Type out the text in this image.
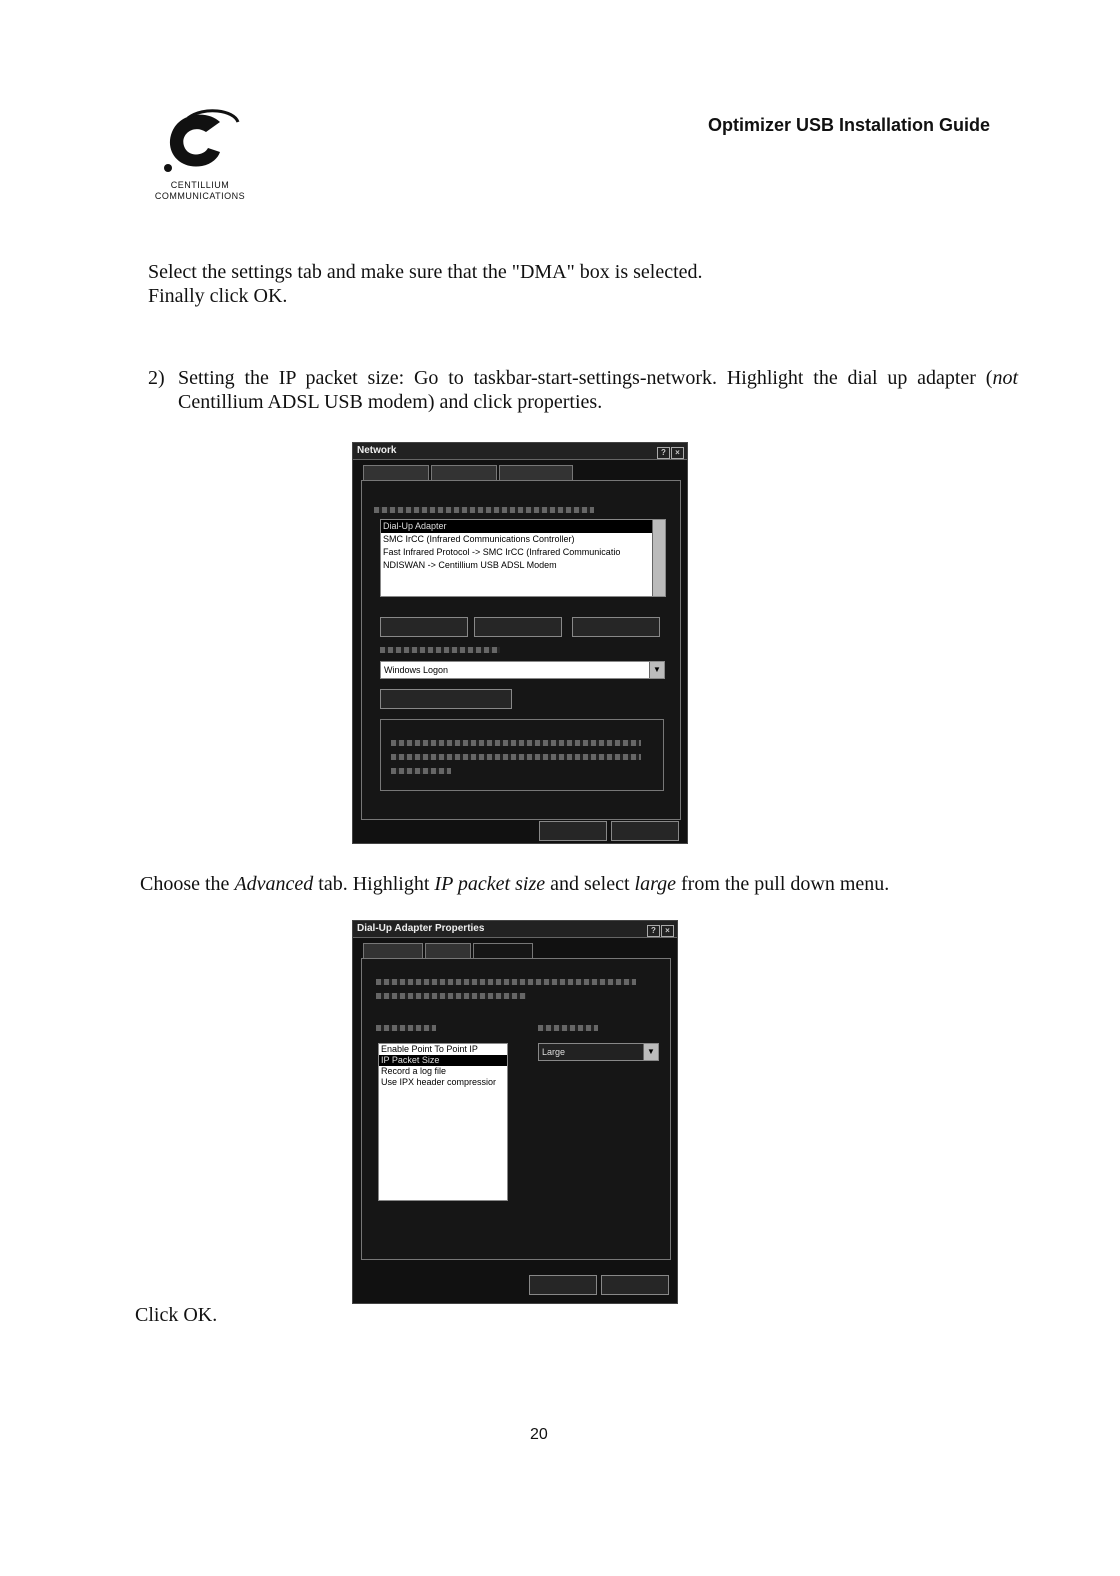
CENTILLIUM
COMMUNICATIONS
Optimizer USB Installation Guide
Select the settings tab and make sure that the "DMA" box is selected.
Finally click OK.
2) Setting the IP packet size: Go to taskbar-start-settings-network. Highlight the dial up adapter (not Centillium ADSL USB modem) and click properties.
Network	? ×
Dial-Up Adapter
SMC IrCC (Infrared Communications Controller)
Fast Infrared Protocol -> SMC IrCC (Infrared Communicatio
NDISWAN -> Centillium USB ADSL Modem
Windows Logon	▼
Choose the Advanced tab. Highlight IP packet size and select large from the pull down menu.
Dial-Up Adapter Properties	? ×
Enable Point To Point IP
IP Packet Size
Record a log file
Use IPX header compressior
Large	▼
Click OK.
20
